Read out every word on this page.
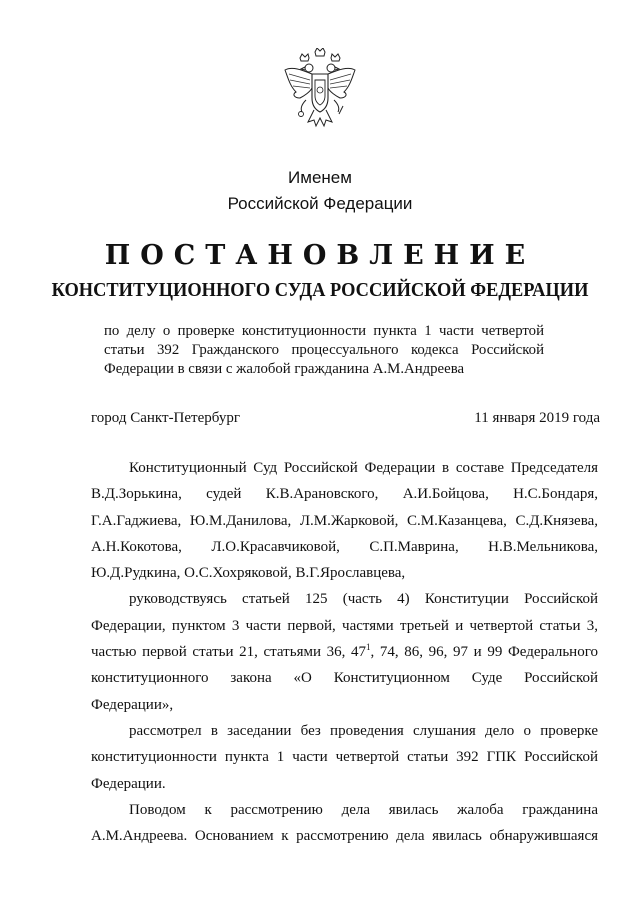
Именем
Российской Федерации
ПОСТАНОВЛЕНИЕ
КОНСТИТУЦИОННОГО СУДА РОССИЙСКОЙ ФЕДЕРАЦИИ
по делу о проверке конституционности пункта 1 части четвертой
статьи 392 Гражданского процессуального кодекса Российской
Федерации в связи с жалобой гражданина А.М.Андреева
город Санкт-Петербург	11 января 2019 года
Конституционный Суд Российской Федерации в составе Председателя
В.Д.Зорькина, судей К.В.Арановского, А.И.Бойцова, Н.С.Бондаря,
Г.А.Гаджиева, Ю.М.Данилова, Л.М.Жарковой, С.М.Казанцева, С.Д.Князева,
А.Н.Кокотова, Л.О.Красавчиковой, С.П.Маврина, Н.В.Мельникова,
Ю.Д.Рудкина, О.С.Хохряковой, В.Г.Ярославцева,
руководствуясь статьей 125 (часть 4) Конституции Российской
Федерации, пунктом 3 части первой, частями третьей и четвертой статьи 3,
частью первой статьи 21, статьями 36, $47^1$, 74, 86, 96, 97 и 99 Федерального
конституционного закона «О Конституционном Суде Российской
Федерации»,
рассмотрел в заседании без проведения слушания дело о проверке
конституционности пункта 1 части четвертой статьи 392 ГПК Российской
Федерации.
Поводом к рассмотрению дела явилась жалоба гражданина
А.М.Андреева. Основанием к рассмотрению дела явилась обнаружившаяся
